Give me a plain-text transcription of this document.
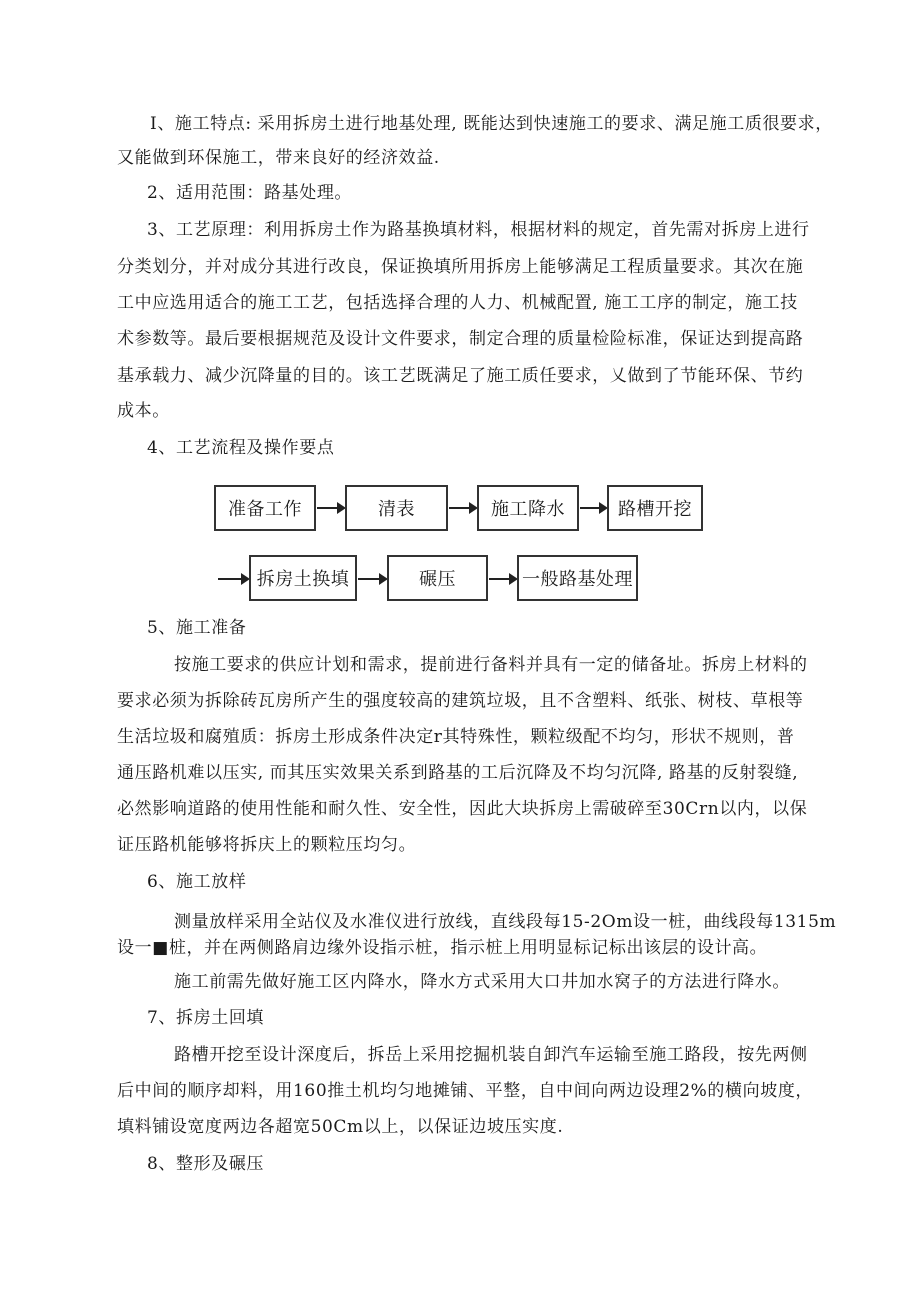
I、施工特点: 采用拆房土进行地基处理, 既能达到快速施工的要求、满足施工质很要求，
又能做到环保施工，带来良好的经济效益.
2、适用范围：路基处理。
3、工艺原理：利用拆房土作为路基换填材料，根据材料的规定，首先需对拆房上进行
分类划分，并对成分其进行改良，保证换填所用拆房上能够满足工程质量要求。其次在施
工中应选用适合的施工工艺，包括选择合理的人力、机械配置, 施工工序的制定，施工技
术参数等。最后要根据规范及设计文件要求，制定合理的质量检险标准，保证达到提高路
基承载力、减少沉降量的目的。该工艺既满足了施工质任要求，乂做到了节能环保、节约
成本。
4、工艺流程及操作要点
准备工作	清表	施工降水	路槽开挖
拆房土换填	碾压	一般路基处理
5、施工准备
按施工要求的供应计划和需求，提前进行备料并具有一定的储备址。拆房上材料的
要求必须为拆除砖瓦房所产生的强度较高的建筑垃圾，且不含塑料、纸张、树枝、草根等
生活垃圾和腐殖质：拆房土形成条件决定r其特殊性，颗粒级配不均匀，形状不规则，普
通压路机难以压实, 而其压实效果关系到路基的工后沉降及不均匀沉降, 路基的反射裂缝,
必然影响道路的使用性能和耐久性、安全性，因此大块拆房上需破碎至30Crn以内，以保
证压路机能够将拆庆上的颗粒压均匀。
6、施工放样
测量放样采用全站仪及水准仪进行放线，直线段每15-2Om设一桩，曲线段每1315m
设一■桩，并在两侧路肩边缘外设指示桩，指示桩上用明显标记标出该层的设计高。
施工前需先做好施工区内降水，降水方式采用大口井加水窝子的方法进行降水。
7、拆房土回填
路槽开挖至设计深度后，拆岳上采用挖掘机装自卸汽车运输至施工路段，按先两侧
后中间的顺序却料，用160推土机均匀地摊铺、平整，自中间向两边设理2%的横向坡度，
填料铺设宽度两边各超宽50Cm以上，以保证边坡压实度.
8、整形及碾压
